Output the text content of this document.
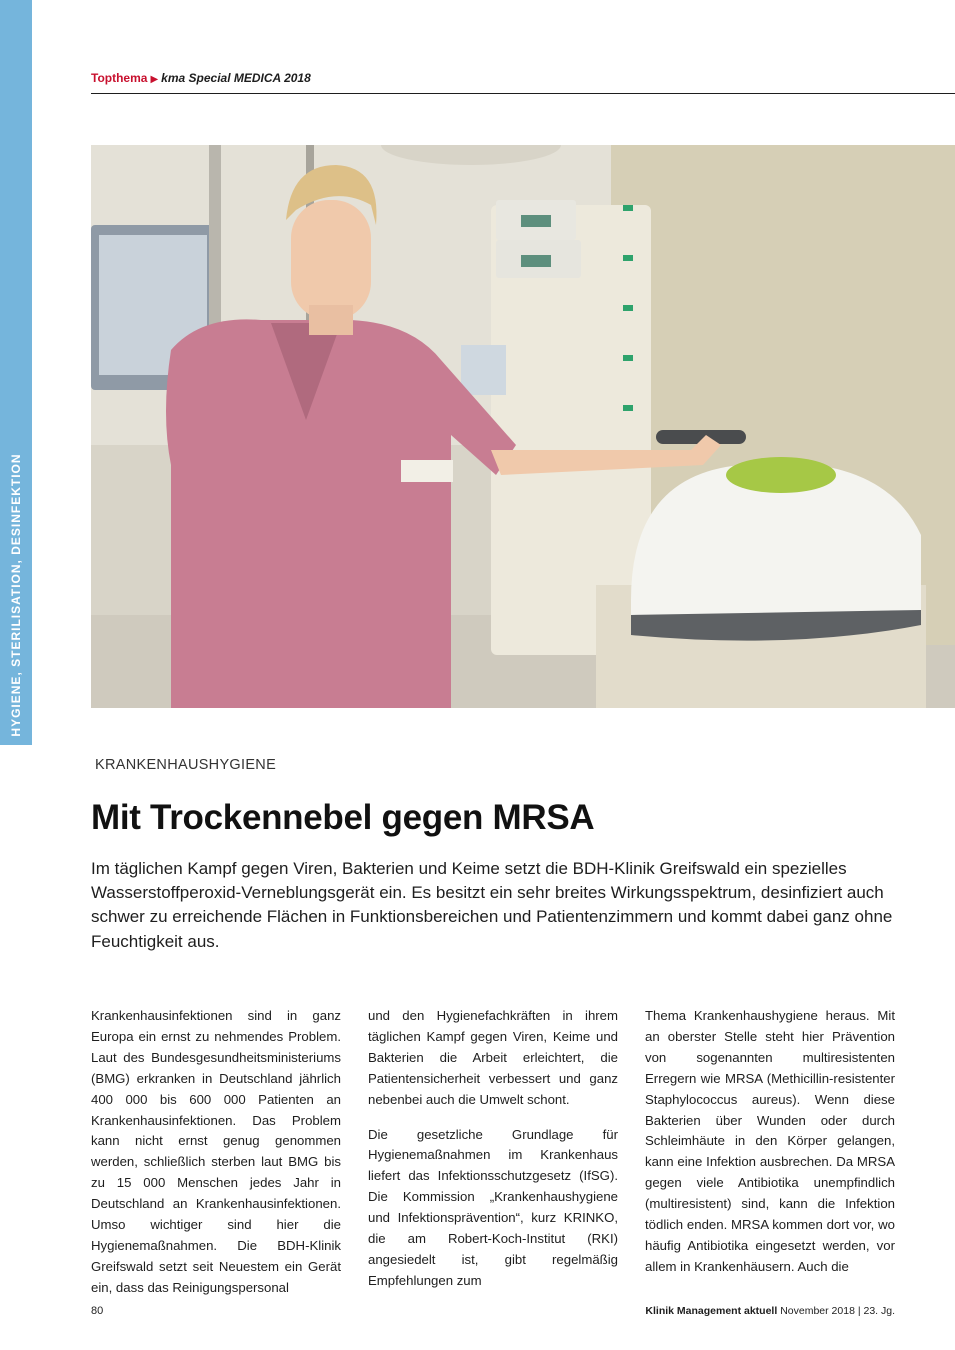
HYGIENE, STERILISATION, DESINFEKTION
Topthema ▶ kma Special MEDICA 2018
KRANKENHAUSHYGIENE
Mit Trockennebel gegen MRSA

Im täglichen Kampf gegen Viren, Bakterien und Keime setzt die BDH-Klinik Greifswald ein spezielles Wasserstoffperoxid-Verneblungsgerät ein. Es besitzt ein sehr breites Wirkungsspektrum, desinfiziert auch schwer zu erreichende Flächen in Funktionsbereichen und Patientenzimmern und kommt dabei ganz ohne Feuchtigkeit aus.

Krankenhausinfektionen sind in ganz Europa ein ernst zu nehmendes Problem. Laut des Bundesgesundheitsministeriums (BMG) erkranken in Deutschland jährlich 400 000 bis 600 000 Patienten an Krankenhausinfektionen. Das Problem kann nicht ernst genug genommen werden, schließlich sterben laut BMG bis zu 15 000 Menschen jedes Jahr in Deutschland an Krankenhausinfektionen. Umso wichtiger sind hier die Hygienemaßnahmen. Die BDH-Klinik Greifswald setzt seit Neuestem ein Gerät ein, dass das Reinigungspersonal

und den Hygienefachkräften in ihrem täglichen Kampf gegen Viren, Keime und Bakterien die Arbeit erleichtert, die Patientensicherheit verbessert und ganz nebenbei auch die Umwelt schont.

Die gesetzliche Grundlage für Hygienemaßnahmen im Krankenhaus liefert das Infektionsschutzgesetz (IfSG). Die Kommission „Krankenhaushygiene und Infektionsprävention“, kurz KRINKO, die am Robert-Koch-Institut (RKI) angesiedelt ist, gibt regelmäßig Empfehlungen zum

Thema Krankenhaushygiene heraus. Mit an oberster Stelle steht hier Prävention von sogenannten multiresistenten Erregern wie MRSA (Methicillin-resistenter Staphylococcus aureus). Wenn diese Bakterien über Wunden oder durch Schleimhäute in den Körper gelangen, kann eine Infektion ausbrechen. Da MRSA gegen viele Antibiotika unempfindlich (multiresistent) sind, kann die Infektion tödlich enden. MRSA kommen dort vor, wo häufig Antibiotika eingesetzt werden, vor allem in Krankenhäusern. Auch die

80	Klinik Management aktuell November 2018 | 23. Jg.
